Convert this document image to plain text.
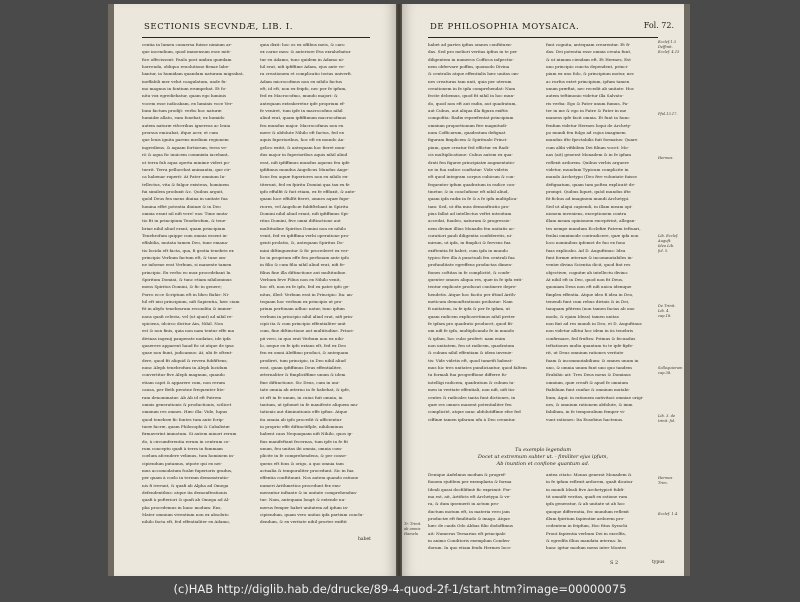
SECTIONIS SECVNDÆ, LIB. I.
centia in lumen conuersa fuisse nimium ar-
que incendium, quod immensum esse miti-
fice offecissent: Paulo post umbra quædam
horrenda, obliquo reuolutione fiexae labe-
bantur, in humidam quandam naturam migrabat,
ineffabili mer velut coagulatum, unde fu-
mo magnus in fontium erumpebat. Et fo-
nitu vox egrediebatur, quam ego luminis
vocem esse iudicabam, ex luminis voce Ver-
bum factum prodijt: verbo hoc naturæ
humidæ allato, eam fonebat; ex humido
autem naturæ vifcerihus ignereus ac leuia
prorsus emicabat, ifque acer, et cum
que leuis ignita parens medium regionem
ingrediens, & aquam fortiorum, terra ve-
rò & aqua fic inuicem commixta iacebant,
ut terra fub aqua operta minime videri po-
tuerit. Terra pellucebat animantia, que cir-
ca habenar ruperit: At Pater omnium In-
tellectus, vita & fulgor existens, hominem
fui similem produxit &c. Quibus arguit,
quòd Deus fen mens diuina in unitate fua
lumina effet potentia diuinæ & in Deo
omnia erant nil nifi vere! eas: Time muta-
tio fit in principium Tenebrofum, & tene-
briae nihil aliud erant, quam principium
Tenebrofum quippe cum omnia essent in-
effabilia, mutata tamen Deo, tune emana-
tio lucida eft facta, qua, fi gratia tenebris ex
principio Verbum factum eft, & tune om-
ne informe erat Verbum, si manente tamen
principio. Ex verbo eo mox procedebant In
Spiritum Domini, & tunc etiam nihilominus
mens Spiritus Domini, & fic in genere;
Porro ecce Scriptum eft in libro Bahir: Ni-
hil eft nisi principium, nifi Sapientia, hæc ciam
fit in abyfo tenebrarum recondita & immer-
nons quafi celesta, vel (ut ajunt) ad nihil re-
spiciens, idcirco dicitur Ain, Nihil. Non
est & non finis, quia non nam tentur effe ma
divinas ingenij pauperate nudatas, ide ipfa
quaerere apparent haud fic ut atque de ipsa
quae non fiunt, judicamus: At, ubi fe oftent-
dere, quod fit aliquid & revera fubfiftens,
nunc Aleph tenebrofum in Aleph lucidum
convertitur five Aleph magnum, quando
etiam capit & apparere cum, non rerum
causa, per Beth preotne frequenter lite-
ram denominatur. Ab Ab id eft Patrem
omnis generationis & productionis, scilicet
omnium res omnes. Hæc illa: Vide, lupus
quod tenebræ fic fontes tum ante fcrip-
turæ facræ, quam Philosophi & Cabalistæ
firmaverint immotum. Si autem minori rerum
do, à circumferentia rerum in centrum co-
rum conceptu quafi à terra in fummam
coelum afcendere velimus, tum hominem in-
cipiendum putamus, utpote qui ex nei-
mus accomodatum fcalæ fuperioris gradus,
per quam à coelo in terram demonstratio-
nis fi iverunt, & quafi ab Alpha ad Omega
defendentibus: atque ita demonftrationis
quafi à pofteriori & quafi ab Omega ad Al-
pha procedemus in hunc modum: Ens,
Mater omnium viventium non ex absoluto
nihilo facta eft, fed effentialiter ex Adamo,
quia dixit: hoc os ex offibus meis, & caro
ex carne mea: & anteriore Eva exrahebatur
tur ex Adamo, tunc quidem in Adamo ni-
hil erat, nifi ipfiffime Adam, ejus ante ve-
ra creationem et complicatio torius univerfi.
Adam microcofmus non ex nihilo factus
eft, id eft, non ex feipfo, nec per fe ipfum,
fed ex Macrocofmo, mundo majori: &
antequam extraheretur ipfe proprium ef-
fe veniret, tum ipfe in macrocofmo nihil
aliud erat, quam ipfiffimum macrocofmus
feu mundus major. Macrocofmus non ex
mere & abfolute Nihilo eft factus, fed ex
aquis fuperioribus, hoc eft ex mundo An-
gelico exitit, & antequam hoc fieret mun-
dus major in fuperioribus aquis nihil aliud
erat, nifi ipfiffimus mundus aqueus feu ipfe
ipfifimus mundus Angelicus Mundus Ange-
licus feu aquæ fuperiores non ex nihilo ex-
titerunt, fed ex fpiritu Domini qua tax ex fe
ipfo effulfit & fuit etiam, ex fe effluxit, & ante-
quam luce effulfit fieret, omnes aquæ fupe-
riores, vel Angelicæ fubfiftebant in Spiritu
Domini nihil aliud erant, nifi ipfiffimus Spi-
ritus Domini, five omni diftinctione aut
multitudine Spiritus Domini non ex nihilo
venit, fed ex ipfiffima verbi operatione pro-
genti prolatio, &, antequam Spiritus Do-
mini diftinguentur & fic procederet ex ver-
bo in proprium effe fen perfonam ante ipfo
in filio & cum filio nihil aliud erat, nifi fe-
filius fine illa diftinctione aut multitudine.
Verbum feve Filius non ex Nihilo venit,
hoc eft, non ex fe ipfo, fed ex patre ipfo ge-
nitus, illed: Verbum erat in Principio: Ita: an-
tequam hoc verbum ex principio ut pro-
prium perfonam adhuc natur, tunc ipfum
verbum in principio nihil aliud erat, nifi prin-
cipii ita & cum principio effentialiter unit
cum, fine diftinctione aut multitudine. Princi-
pii vero, in quo erat Verbum non ex nihi-
lo, neque ex fe ipfo extans eft, fed ex Deo
fen ex omni Aleffimo produci, & antequam
prodiret, tum principio, in Deo nihil aliud
erat, quam ipfiffimus Deus effentialiter,
æternaliter & fimpliciffime unum & idem
fine diftinctione. Sic Deus, cum in uni-
tate omnia ab æterno in fe habebat, & ipfe,
ut eft in fe unum, in cuius fuit omnia, in
tantum, ut ipfomet in fe manifeste aliquem mu-
tationis aut diminutionis effe ipfius. Atque
ita omnia ab ipfo procedit & afficientur
in proprio effe diftinctiflple, nihilominus
habent caus Nequaquam nifi Nihilo, quos ip-
fius manifeftant fecernas, tum ipfe in fe fit
unum, feu unitas ibi omnia, omnia com-
plicite in fe comprehendens, & per conse-
quens eft fons & origo, a quo omnia tam
actualia & temporaliter procedunt. Sic in fua
effentia conftituunt. Nos autem quando ratione
numeri Arithmetica procedunt fex enu-
merantur inftante & in unitate comprehendun-
tur: Nam, antequam longè & extende nu-
merus femper habet unitatem ad ipfum in-
cipiendum, quam vero unitas ipfa partium conclu-
dendum, & ex veritate nihil prorter exiftit
habet
DE PHILOSOPHIA MOYSAICA.	Fol. 72.
habet ad partes ipfius omnes conftituen-
das. Sed pro meliori veritas ipfius in te per
diligentem in numeros Cofficos infpectio-
nem obfervare poffim, quomodo Divina
& centralis atque effentialis hæc unitas om-
nes creaturas tam unit, quia per uterum
creationem in fe ipfa comprehendat: Nam
fecite debemus, quod fit nihil in hoc mun-
do, quod non eft aut radix, aut quadratum,
aut Cubus, aut aliqua illa figura exiftis
compofita: Radix repræfentat principium
omnium proportionum five magnitudi-
num Cofficarum, quadratum defignat
figuram fimplicem & Spirituale Princi-
pium, quæ creatur fed effictur ex Radi-
cis multiplicatione: Cubus autem ex qua-
drati fen figuræ principiatæ augmentatio-
ne in fua radice conftatur: Vide videtis
eft quod integram corpus cubicum & con-
fequenter ipfum quadratum in radice con-
tinetur, & in conclufione eft nihil aliud,
quam ipfa radix in fe & a fe ipfa multiplica-
tam: Sed, ut ifta mea demonftratio pro-
pius fallat ad intellectus veftri introitum
accedat, fuadeo, naturam & progressio-
nem divinæ illius Monadis fen unitatis ac-
curatiori pauli diligentia confideretis, ni-
mirum, ut ipfa, in fimplici & fervens fua
exiftentia fit habet, cum ipfa in mundo
typico five illa à punctuali feu centrali fua
profunditate egreffens productas dimen-
fiones coftitas in fe complicité, & confe-
quenter omnes aliqua res, quæ in fe ipfa exti-
tentur explicate producat continere depre-
hendetis. Atque hoc facito per iftiud Arith-
meticum demonftrationis probatur: Nam
fi unitatem, in fe ipfa & per fe ipfam, ut
quam radicem explicavetimus nihil preter
fe ipfam pro quadrato producet, quod fit-
um nifi fe ipfa, multiplicando fe in mundo
& ipfam, hoc cubo profert: nam enim
non unitatem, fen ut radicem, quadratum
& cubum nihil effentiam & idem invenie-
tis: Vide videtis eft, quod tametfi habeat-
mus hic tres unitates pundiciantur, quod faltem
tu formali fua progreffione differre fu-
intelligi radicem, quadratum & cubum ta-
men in veritate effentiali, non nifi, nifi tin-
centes & radicales tanta funt dictiones, in
quæ res omnes manent potentialiter feu
complicité, atque nunc abfolutiffime efse fed
ciffinæ tamen ipfarum ufu à Deo creantur.
funt cognita, antequam crearentur. Et fi-
das: Dei potentia esse omnia creata funt,
& ut nimum ciendam eft. Et Hermes, Est
uno principio cuncta dependent, princi-
pium ex uno folo, & principium motur, nec
ac rurfus extet principium, ipfum tamen
unum præftat, nec recedit ab unitate: Hoc
autem teftimonio videtur illa Salvato-
ris verba: Ego & Pater unum fumus, Pa-
ter in me & ego in Patre & Pater in me
manens ipfe facit omnia. Et funt in hunc
fenfum videtur Hermes loqui de Archety-
po mundi fen fulgo ad cujus imaginem
mundus ifte fpectabilis fuit formatus: Quare
cum alibi vifibilem Dei filium vocet: Mo-
nas (ait) generat Monadem & in fe ipfam
reflexit ardorem. Quibus verbis arguere
videtur, mundum Typicum complicite in
mundo Archetypo (Deo five voluntate fuisse
defignatum, quam tam poftea explicatè de-
prompt. Quibus liquet, quòd mundus ifte
fit fichus ad imaginem mundi Archetypi.
Sed ut aliqui capiendi, in illam meam opi-
nionem inveniens, exceptionem contra
illam meam opinionem excepérint, allegan-
tes nempe mundum Ecclefiæ Patrem teftuari,
fenlui omnimode contradicere, quæ ipfa non
loco nominibus ipfomet de fuo ex fono
fuas explicabo. Ad D. Auguftinus: Idea
funt formæ æternæ & incommutabiles in-
ventæ divina Scientia dicit, quod fint res
objectivæ, cognitæ ab intellectu divino:
At nihil eft in Deo, quod non fit Deus,
quoniam Deus non eft nifi unica idemque
fimplex effentia. Atque ideo fi idea in Deo,
tenendi funt cum rebus divinis & in Dei,
tanquam pfitrem (non tamen facias ab ono
modo, & ejaim Ideas) tamen unitas
non fint ad res mundi in Deo, et D. Auguftinus
non videtur allitui hoc idem in iis tenebris
confirmare, fed fruftra: Primus & fecundus
teftationes multa quantum tu te ipfe fipfe-
rit, ut Deus omnium rationes veritate
fuam & incommutabilium: & omnes unum in
uno, & omnia unum funt uno quo tandem
Erabihic ait: Tres Deus mens & Dominus
omnium, quæ creaft & apud fe omnium
ftabilium funt cunfae & omnium mutabi-
lium, Aqui: in rationem nativitaci omniae origi-
nes, & omnium rationem abfolute, & imm
fabilium, in fe temporalium femper vi-
vunt rationes: Ita Eusebius hactenus.
Tu exemplo legendum
Docet ut extremum subter ut. - fimiliter ejus ipfum,
Ab inuntion et confione quantum ad.
Denique Anfelmus modum & progref-
fionem ejufdem per exemplaria & forma
Ideali quasi docfilifimè fic exprimit: For-
ma est, ait, Artificis eft Archetypa & ve-
ra, & dum ipsemerit in actum pro-
ductum motum eft, in materia vero jam
productæ eft fimilitudo & imago. Atque
hæc de caufa Odo Abbas filio dodoffimus
ait: Numerus Ternarius eft principale
in animo Conditoris exemplum Conden-
dorum. In quo etiam fenfu Hermes loco-
antea citato: Monas generat Monadem &
in fe ipfam reflexit ardorem, quafi dicatur
in mundi Ideali five Archetypicè fubfi-
tit omnifit veritas, quafi ex ratione rum
ipfa generatur, & ab unitate ut ab hoc
quoque differentia, fec mundum reflexit
illum fpiritum fapientiæ ardorem pro-
cedentem in feipfum, Hoc fitus Syrachi
Prout fapientia verbum Dei in excelfis,
& egredfis illius mandata æterna: In
hunc igitur modum mens inter Montes
S 2	typus
Ecclef.1.3 Deffinit. Ecclef. 4.15
Pfal.13.17.
Hermes.
Lib. Ecclef. Auguft. Ideo Lib. fol. 5.
De Trinit. Lib. 4. cap.18.
Solloquiorum cap.38.
Lib. 3. de trinit. fol.
Tr. Trinit. ab omnis Hamelu
Hermes Trim.
Ecclef. 1.4.
(c)HAB http://diglib.hab.de/drucke/89-4-quod-2f-1/start.htm?image=00000075
